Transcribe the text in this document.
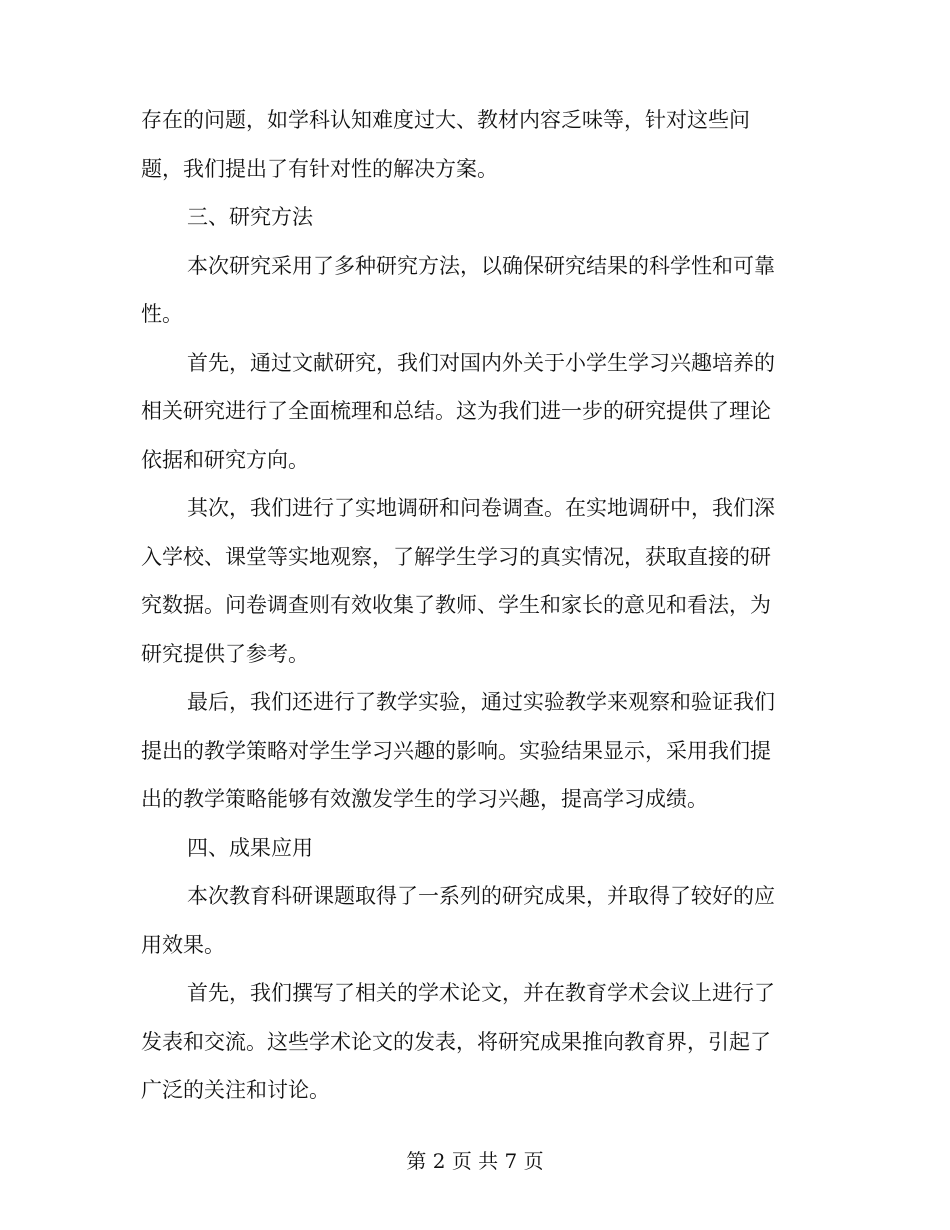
存在的问题，如学科认知难度过大、教材内容乏味等，针对这些问
题，我们提出了有针对性的解决方案。
三、研究方法
本次研究采用了多种研究方法，以确保研究结果的科学性和可靠
性。
首先，通过文献研究，我们对国内外关于小学生学习兴趣培养的
相关研究进行了全面梳理和总结。这为我们进一步的研究提供了理论
依据和研究方向。
其次，我们进行了实地调研和问卷调查。在实地调研中，我们深
入学校、课堂等实地观察，了解学生学习的真实情况，获取直接的研
究数据。问卷调查则有效收集了教师、学生和家长的意见和看法，为
研究提供了参考。
最后，我们还进行了教学实验，通过实验教学来观察和验证我们
提出的教学策略对学生学习兴趣的影响。实验结果显示，采用我们提
出的教学策略能够有效激发学生的学习兴趣，提高学习成绩。
四、成果应用
本次教育科研课题取得了一系列的研究成果，并取得了较好的应
用效果。
首先，我们撰写了相关的学术论文，并在教育学术会议上进行了
发表和交流。这些学术论文的发表，将研究成果推向教育界，引起了
广泛的关注和讨论。
第 2 页 共 7 页
